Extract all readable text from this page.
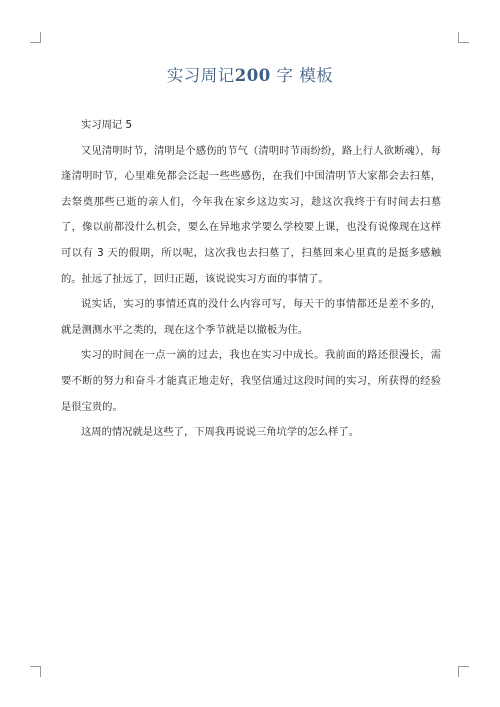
实习周记200 字 模板

实习周记 5

又见清明时节，清明是个感伤的节气（清明时节雨纷纷，路上行人欲断魂），每逢清明时节，心里难免都会泛起一些些感伤，在我们中国清明节大家都会去扫墓，去祭奠那些已逝的亲人们，今年我在家乡这边实习，趁这次我终于有时间去扫墓了，像以前都没什么机会，要么在异地求学要么学校要上课，也没有说像现在这样可以有 3 天的假期，所以呢，这次我也去扫墓了，扫墓回来心里真的是挺多感触的。扯远了扯远了，回归正题，该说说实习方面的事情了。

说实话，实习的事情还真的没什么内容可写，每天干的事情都还是差不多的，就是测测水平之类的，现在这个季节就是以撤板为住。

实习的时间在一点一滴的过去，我也在实习中成长。我前面的路还很漫长，需要不断的努力和奋斗才能真正地走好，我坚信通过这段时间的实习，所获得的经验是很宝贵的。

这周的情况就是这些了，下周我再说说三角坑学的怎么样了。
